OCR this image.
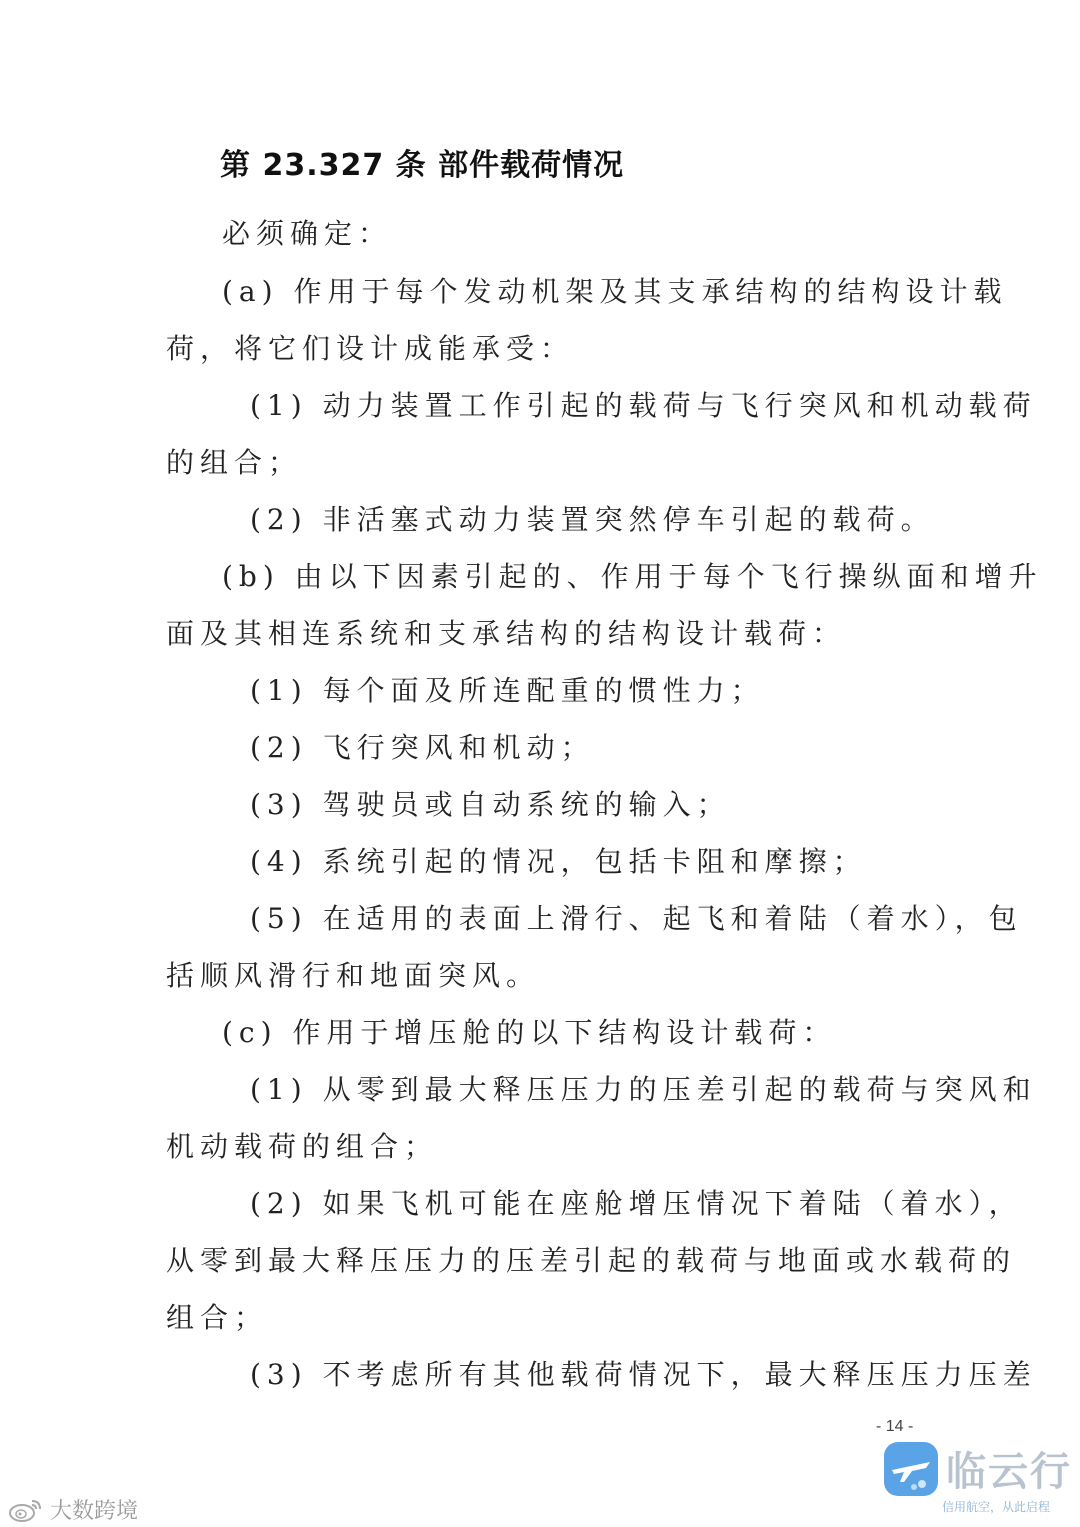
第 23.327 条 部件载荷情况
必须确定：
(a) 作用于每个发动机架及其支承结构的结构设计载
荷，将它们设计成能承受：
(1) 动力装置工作引起的载荷与飞行突风和机动载荷
的组合；
(2) 非活塞式动力装置突然停车引起的载荷。
(b) 由以下因素引起的、作用于每个飞行操纵面和增升
面及其相连系统和支承结构的结构设计载荷：
(1) 每个面及所连配重的惯性力；
(2) 飞行突风和机动；
(3) 驾驶员或自动系统的输入；
(4) 系统引起的情况，包括卡阻和摩擦；
(5) 在适用的表面上滑行、起飞和着陆（着水），包
括顺风滑行和地面突风。
(c) 作用于增压舱的以下结构设计载荷：
(1) 从零到最大释压压力的压差引起的载荷与突风和
机动载荷的组合；
(2) 如果飞机可能在座舱增压情况下着陆（着水），
从零到最大释压压力的压差引起的载荷与地面或水载荷的
组合；
(3) 不考虑所有其他载荷情况下，最大释压压力压差
- 14 -
大数跨境
临云行
信用航空，从此启程
